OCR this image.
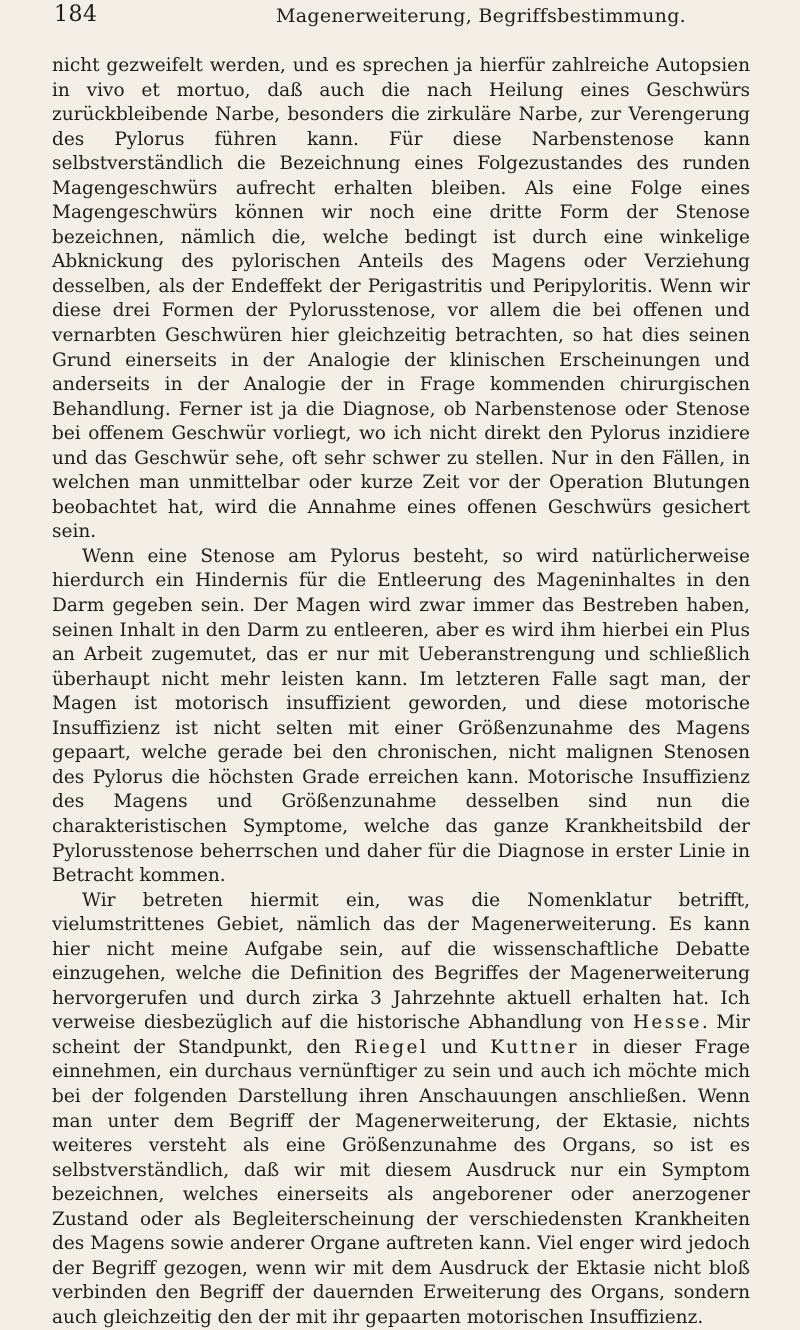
184	Magenerweiterung, Begriffsbestimmung.

nicht gezweifelt werden, und es sprechen ja hierfür zahlreiche Autopsien in vivo et mortuo, daß auch die nach Heilung eines Geschwürs zurückbleibende Narbe, besonders die zirkuläre Narbe, zur Verengerung des Pylorus führen kann. Für diese Narbenstenose kann selbstverständlich die Bezeichnung eines Folgezustandes des runden Magengeschwürs aufrecht erhalten bleiben. Als eine Folge eines Magengeschwürs können wir noch eine dritte Form der Stenose bezeichnen, nämlich die, welche bedingt ist durch eine winkelige Abknickung des pylorischen Anteils des Magens oder Verziehung desselben, als der Endeffekt der Perigastritis und Peripyloritis. Wenn wir diese drei Formen der Pylorusstenose, vor allem die bei offenen und vernarbten Geschwüren hier gleichzeitig betrachten, so hat dies seinen Grund einerseits in der Analogie der klinischen Erscheinungen und anderseits in der Analogie der in Frage kommenden chirurgischen Behandlung. Ferner ist ja die Diagnose, ob Narbenstenose oder Stenose bei offenem Geschwür vorliegt, wo ich nicht direkt den Pylorus inzidiere und das Geschwür sehe, oft sehr schwer zu stellen. Nur in den Fällen, in welchen man unmittelbar oder kurze Zeit vor der Operation Blutungen beobachtet hat, wird die Annahme eines offenen Geschwürs gesichert sein.

Wenn eine Stenose am Pylorus besteht, so wird natürlicherweise hierdurch ein Hindernis für die Entleerung des Mageninhaltes in den Darm gegeben sein. Der Magen wird zwar immer das Bestreben haben, seinen Inhalt in den Darm zu entleeren, aber es wird ihm hierbei ein Plus an Arbeit zugemutet, das er nur mit Ueberanstrengung und schließlich überhaupt nicht mehr leisten kann. Im letzteren Falle sagt man, der Magen ist motorisch insuffizient geworden, und diese motorische Insuffizienz ist nicht selten mit einer Größenzunahme des Magens gepaart, welche gerade bei den chronischen, nicht malignen Stenosen des Pylorus die höchsten Grade erreichen kann. Motorische Insuffizienz des Magens und Größenzunahme desselben sind nun die charakteristischen Symptome, welche das ganze Krankheitsbild der Pylorusstenose beherrschen und daher für die Diagnose in erster Linie in Betracht kommen.

Wir betreten hiermit ein, was die Nomenklatur betrifft, vielumstrittenes Gebiet, nämlich das der Magenerweiterung. Es kann hier nicht meine Aufgabe sein, auf die wissenschaftliche Debatte einzugehen, welche die Definition des Begriffes der Magenerweiterung hervorgerufen und durch zirka 3 Jahrzehnte aktuell erhalten hat. Ich verweise diesbezüglich auf die historische Abhandlung von Hesse. Mir scheint der Standpunkt, den Riegel und Kuttner in dieser Frage einnehmen, ein durchaus vernünftiger zu sein und auch ich möchte mich bei der folgenden Darstellung ihren Anschauungen anschließen. Wenn man unter dem Begriff der Magenerweiterung, der Ektasie, nichts weiteres versteht als eine Größenzunahme des Organs, so ist es selbstverständlich, daß wir mit diesem Ausdruck nur ein Symptom bezeichnen, welches einerseits als angeborener oder anerzogener Zustand oder als Begleiterscheinung der verschiedensten Krankheiten des Magens sowie anderer Organe auftreten kann. Viel enger wird jedoch der Begriff gezogen, wenn wir mit dem Ausdruck der Ektasie nicht bloß verbinden den Begriff der dauernden Erweiterung des Organs, sondern auch gleichzeitig den der mit ihr gepaarten motorischen Insuffizienz.
